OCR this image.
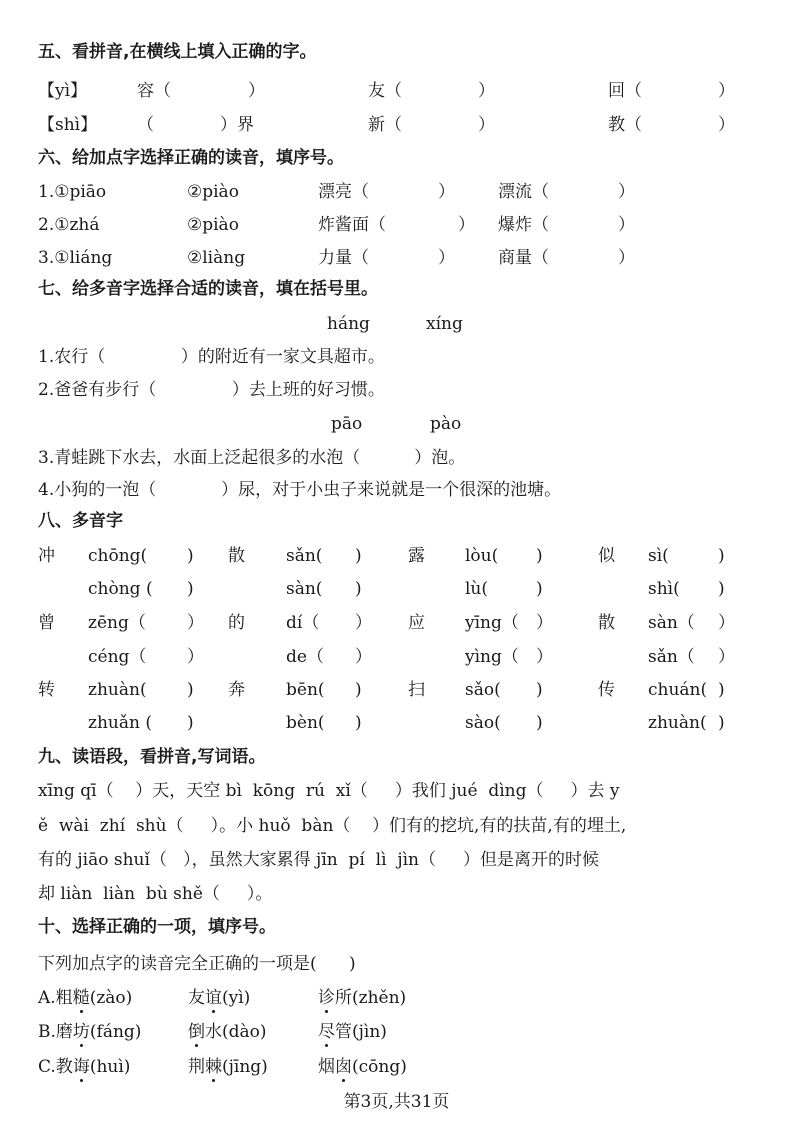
五、看拼音,在横线上填入正确的字。
【yì】	容（	）	友（	）	回（	）
【shì】 （	）界	新（	）	教（	）
六、给加点字选择正确的读音，填序号。
1.①piāo	②piào	漂亮（	）	漂流（	）
2.①zhá	②piào	炸酱面（	） 爆炸（	）
3.①liáng	②liàng	力量（	）	商量（	）
七、给多音字选择合适的读音，填在括号里。
háng	xíng
1.农行（              ）的附近有一家文具超市。
2.爸爸有步行（              ）去上班的好习惯。
pāo	pào
3.青蛙跳下水去，水面上泛起很多的水泡（          ）泡。
4.小狗的一泡（            ）尿，对于小虫子来说就是一个很深的池塘。
八、多音字
冲 chōng( ) 散 sǎn( )	露 lòu( )	似 sì(	)
chòng ( )	sàn( )	lù(	)	shì( )
曾 zēng（ ） 的 dí（ ） 应 yīng（ ）	散 sàn（ ）
céng（ ）	de（ ）	yìng（ ）	sǎn（ ）
转 zhuàn( ) 奔 bēn( )	扫 sǎo( )	传 chuán( )
zhuǎn ( )	bèn( )	sào( )	zhuàn( )
九、读语段，看拼音,写词语。
xīng qī（    ）天，天空 bì  kōng  rú  xǐ（     ）我们 jué  dìng（     ）去 y
ě  wài  zhí  shù（     ）。小 huǒ  bàn（    ）们有的挖坑,有的扶苗,有的埋土,
有的 jiāo shuǐ（   ），虽然大家累得 jīn  pí  lì  jìn（     ）但是离开的时候
却 liàn  liàn  bù shě（     ）。
十、选择正确的一项，填序号。
下列加点字的读音完全正确的一项是(      )
A.粗糙(zào)	友谊(yì)	诊所(zhěn)
B.磨坊(fáng)	倒水(dào)	尽管(jìn)
C.教诲(huì)	荆棘(jīng)	烟囱(cōng)
第3页,共31页
